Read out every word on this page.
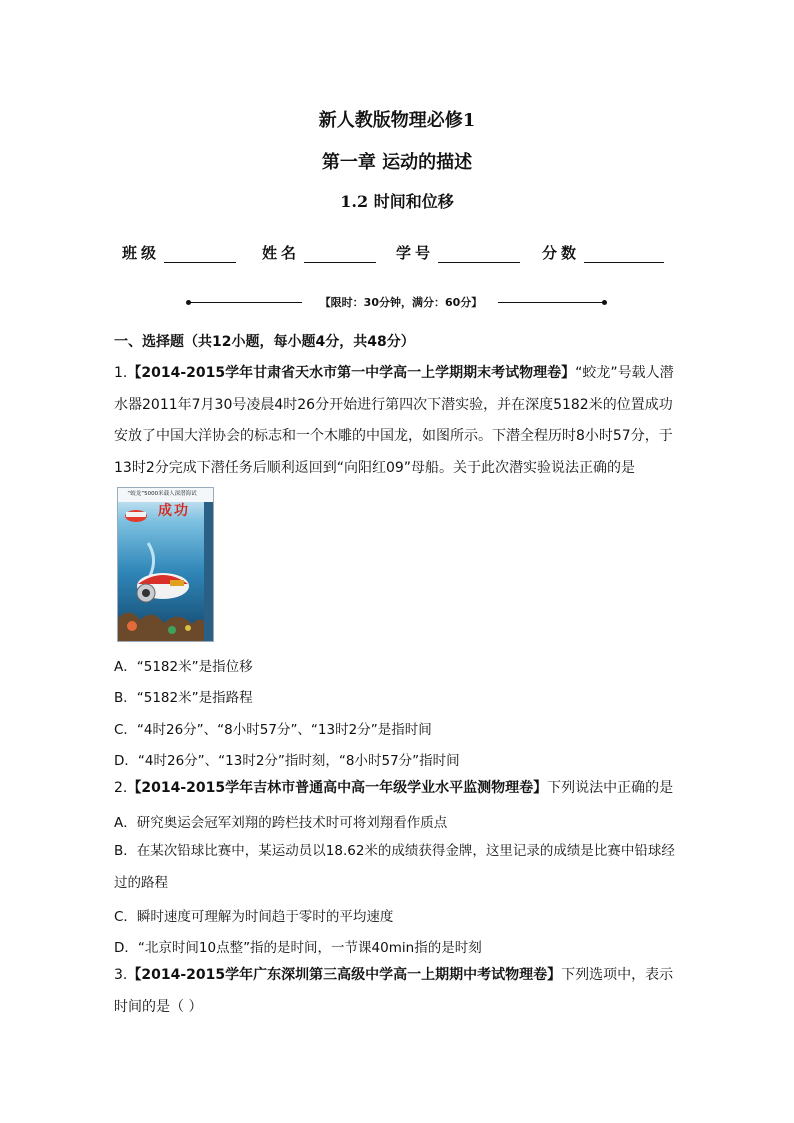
新人教版物理必修1
第一章 运动的描述
1.2 时间和位移
班级	姓名	学号	分数
【限时：30分钟，满分：60分】
一、选择题（共12小题，每小题4分，共48分）
1.【2014-2015学年甘肃省天水市第一中学高一上学期期末考试物理卷】“蛟龙”号载人潜水器2011年7月30号凌晨4时26分开始进行第四次下潜实验，并在深度5182米的位置成功安放了中国大洋协会的标志和一个木雕的中国龙，如图所示。下潜全程历时8小时57分，于13时2分完成下潜任务后顺利返回到“向阳红09”母船。关于此次潜实验说法正确的是
“蛟龙”5000米载人深潜海试
成功
A．“5182米”是指位移
B．“5182米”是指路程
C．“4时26分”、“8小时57分”、“13时2分”是指时间
D．“4时26分”、“13时2分”指时刻，“8小时57分”指时间
2.【2014-2015学年吉林市普通高中高一年级学业水平监测物理卷】下列说法中正确的是
A．研究奥运会冠军刘翔的跨栏技术时可将刘翔看作质点
B．在某次铅球比赛中，某运动员以18.62米的成绩获得金牌，这里记录的成绩是比赛中铅球经过的路程
C．瞬时速度可理解为时间趋于零时的平均速度
D．“北京时间10点整”指的是时间，一节课40min指的是时刻
3.【2014-2015学年广东深圳第三高级中学高一上期期中考试物理卷】下列选项中，表示时间的是（ ）
